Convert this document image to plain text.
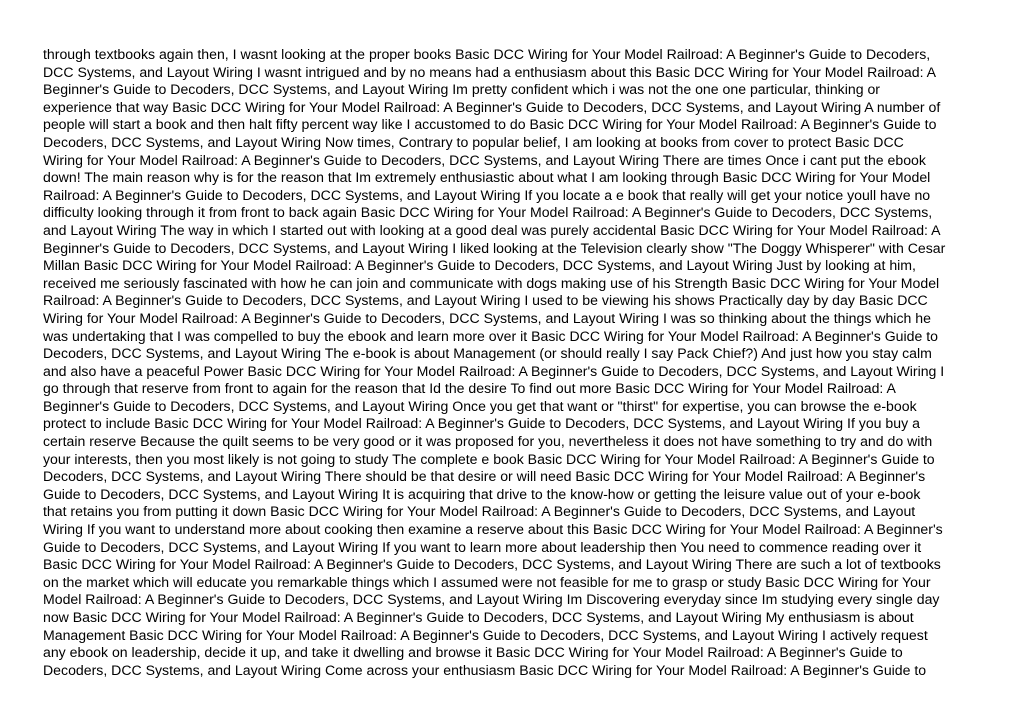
through textbooks again then, I wasnt looking at the proper books Basic DCC Wiring for Your Model Railroad: A Beginner's Guide to Decoders,
DCC Systems, and Layout Wiring I wasnt intrigued and by no means had a enthusiasm about this Basic DCC Wiring for Your Model Railroad: A
Beginner's Guide to Decoders, DCC Systems, and Layout Wiring Im pretty confident which i was not the one one particular, thinking or
experience that way Basic DCC Wiring for Your Model Railroad: A Beginner's Guide to Decoders, DCC Systems, and Layout Wiring A number of
people will start a book and then halt fifty percent way like I accustomed to do Basic DCC Wiring for Your Model Railroad: A Beginner's Guide to
Decoders, DCC Systems, and Layout Wiring Now times, Contrary to popular belief, I am looking at books from cover to protect Basic DCC
Wiring for Your Model Railroad: A Beginner's Guide to Decoders, DCC Systems, and Layout Wiring There are times Once i cant put the ebook
down! The main reason why is for the reason that Im extremely enthusiastic about what I am looking through Basic DCC Wiring for Your Model
Railroad: A Beginner's Guide to Decoders, DCC Systems, and Layout Wiring If you locate a e book that really will get your notice youll have no
difficulty looking through it from front to back again Basic DCC Wiring for Your Model Railroad: A Beginner's Guide to Decoders, DCC Systems,
and Layout Wiring The way in which I started out with looking at a good deal was purely accidental Basic DCC Wiring for Your Model Railroad: A
Beginner's Guide to Decoders, DCC Systems, and Layout Wiring I liked looking at the Television clearly show "The Doggy Whisperer" with Cesar
Millan Basic DCC Wiring for Your Model Railroad: A Beginner's Guide to Decoders, DCC Systems, and Layout Wiring Just by looking at him,
received me seriously fascinated with how he can join and communicate with dogs making use of his Strength Basic DCC Wiring for Your Model
Railroad: A Beginner's Guide to Decoders, DCC Systems, and Layout Wiring I used to be viewing his shows Practically day by day Basic DCC
Wiring for Your Model Railroad: A Beginner's Guide to Decoders, DCC Systems, and Layout Wiring I was so thinking about the things which he
was undertaking that I was compelled to buy the ebook and learn more over it Basic DCC Wiring for Your Model Railroad: A Beginner's Guide to
Decoders, DCC Systems, and Layout Wiring The e-book is about Management (or should really I say Pack Chief?) And just how you stay calm
and also have a peaceful Power Basic DCC Wiring for Your Model Railroad: A Beginner's Guide to Decoders, DCC Systems, and Layout Wiring I
go through that reserve from front to again for the reason that Id the desire To find out more Basic DCC Wiring for Your Model Railroad: A
Beginner's Guide to Decoders, DCC Systems, and Layout Wiring Once you get that want or "thirst" for expertise, you can browse the e-book
protect to include Basic DCC Wiring for Your Model Railroad: A Beginner's Guide to Decoders, DCC Systems, and Layout Wiring If you buy a
certain reserve Because the quilt seems to be very good or it was proposed for you, nevertheless it does not have something to try and do with
your interests, then you most likely is not going to study The complete e book Basic DCC Wiring for Your Model Railroad: A Beginner's Guide to
Decoders, DCC Systems, and Layout Wiring There should be that desire or will need Basic DCC Wiring for Your Model Railroad: A Beginner's
Guide to Decoders, DCC Systems, and Layout Wiring It is acquiring that drive to the know-how or getting the leisure value out of your e-book
that retains you from putting it down Basic DCC Wiring for Your Model Railroad: A Beginner's Guide to Decoders, DCC Systems, and Layout
Wiring If you want to understand more about cooking then examine a reserve about this Basic DCC Wiring for Your Model Railroad: A Beginner's
Guide to Decoders, DCC Systems, and Layout Wiring If you want to learn more about leadership then You need to commence reading over it
Basic DCC Wiring for Your Model Railroad: A Beginner's Guide to Decoders, DCC Systems, and Layout Wiring There are such a lot of textbooks
on the market which will educate you remarkable things which I assumed were not feasible for me to grasp or study Basic DCC Wiring for Your
Model Railroad: A Beginner's Guide to Decoders, DCC Systems, and Layout Wiring Im Discovering everyday since Im studying every single day
now Basic DCC Wiring for Your Model Railroad: A Beginner's Guide to Decoders, DCC Systems, and Layout Wiring My enthusiasm is about
Management Basic DCC Wiring for Your Model Railroad: A Beginner's Guide to Decoders, DCC Systems, and Layout Wiring I actively request
any ebook on leadership, decide it up, and take it dwelling and browse it Basic DCC Wiring for Your Model Railroad: A Beginner's Guide to
Decoders, DCC Systems, and Layout Wiring Come across your enthusiasm Basic DCC Wiring for Your Model Railroad: A Beginner's Guide to
